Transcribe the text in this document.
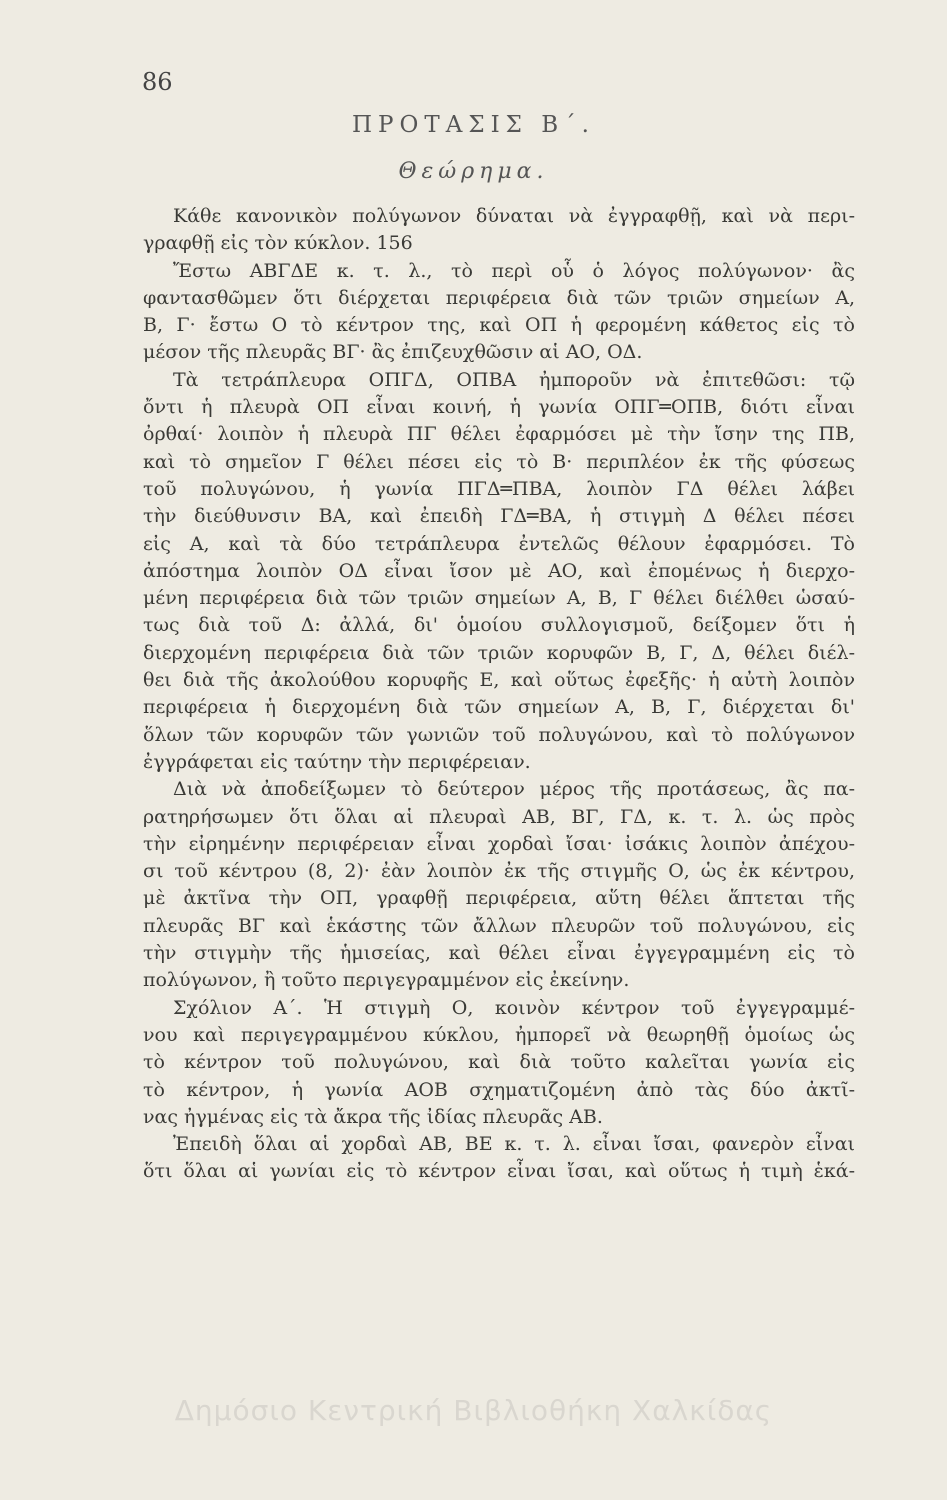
86
ΠΡΟΤΑΣΙΣ Β΄.
Θεώρημα.
Κάθε κανονικὸν πολύγωνον δύναται νὰ ἐγγραφθῇ, καὶ νὰ περι-
γραφθῇ εἰς τὸν κύκλον. 156
Ἔστω ΑΒΓΔΕ κ. τ. λ., τὸ περὶ οὗ ὁ λόγος πολύγωνον· ἂς
φαντασθῶμεν ὅτι διέρχεται περιφέρεια διὰ τῶν τριῶν σημείων Α,
Β, Γ· ἔστω Ο τὸ κέντρον της, καὶ ΟΠ ἡ φερομένη κάθετος εἰς τὸ
μέσον τῆς πλευρᾶς ΒΓ· ἂς ἐπιζευχθῶσιν αἱ ΑΟ, ΟΔ.
Τὰ τετράπλευρα ΟΠΓΔ, ΟΠΒΑ ἠμποροῦν νὰ ἐπιτεθῶσι: τῷ
ὄντι ἡ πλευρὰ ΟΠ εἶναι κοινή, ἡ γωνία ΟΠΓ═ΟΠΒ, διότι εἶναι
ὀρθαί· λοιπὸν ἡ πλευρὰ ΠΓ θέλει ἐφαρμόσει μὲ τὴν ἴσην της ΠΒ,
καὶ τὸ σημεῖον Γ θέλει πέσει εἰς τὸ Β· περιπλέον ἐκ τῆς φύσεως
τοῦ πολυγώνου, ἡ γωνία ΠΓΔ═ΠΒΑ, λοιπὸν ΓΔ θέλει λάβει
τὴν διεύθυνσιν ΒΑ, καὶ ἐπειδὴ ΓΔ═ΒΑ, ἡ στιγμὴ Δ θέλει πέσει
εἰς Α, καὶ τὰ δύο τετράπλευρα ἐντελῶς θέλουν ἐφαρμόσει. Τὸ
ἀπόστημα λοιπὸν ΟΔ εἶναι ἴσον μὲ ΑΟ, καὶ ἐπομένως ἡ διερχο-
μένη περιφέρεια διὰ τῶν τριῶν σημείων Α, Β, Γ θέλει διέλθει ὡσαύ-
τως διὰ τοῦ Δ: ἀλλά, δι' ὁμοίου συλλογισμοῦ, δείξομεν ὅτι ἡ
διερχομένη περιφέρεια διὰ τῶν τριῶν κορυφῶν Β, Γ, Δ, θέλει διέλ-
θει διὰ τῆς ἀκολούθου κορυφῆς Ε, καὶ οὕτως ἐφεξῆς· ἡ αὐτὴ λοιπὸν
περιφέρεια ἡ διερχομένη διὰ τῶν σημείων Α, Β, Γ, διέρχεται δι'
ὅλων τῶν κορυφῶν τῶν γωνιῶν τοῦ πολυγώνου, καὶ τὸ πολύγωνον
ἐγγράφεται εἰς ταύτην τὴν περιφέρειαν.
Διὰ νὰ ἀποδείξωμεν τὸ δεύτερον μέρος τῆς προτάσεως, ἂς πα-
ρατηρήσωμεν ὅτι ὅλαι αἱ πλευραὶ ΑΒ, ΒΓ, ΓΔ, κ. τ. λ. ὡς πρὸς
τὴν εἰρημένην περιφέρειαν εἶναι χορδαὶ ἴσαι· ἰσάκις λοιπὸν ἀπέχου-
σι τοῦ κέντρου (8, 2)· ἐὰν λοιπὸν ἐκ τῆς στιγμῆς Ο, ὡς ἐκ κέντρου,
μὲ ἀκτῖνα τὴν ΟΠ, γραφθῇ περιφέρεια, αὕτη θέλει ἅπτεται τῆς
πλευρᾶς ΒΓ καὶ ἑκάστης τῶν ἄλλων πλευρῶν τοῦ πολυγώνου, εἰς
τὴν στιγμὴν τῆς ἡμισείας, καὶ θέλει εἶναι ἐγγεγραμμένη εἰς τὸ
πολύγωνον, ἢ τοῦτο περιγεγραμμένον εἰς ἐκείνην.
Σχόλιον Α΄. Ἡ στιγμὴ Ο, κοινὸν κέντρον τοῦ ἐγγεγραμμέ-
νου καὶ περιγεγραμμένου κύκλου, ἠμπορεῖ νὰ θεωρηθῇ ὁμοίως ὡς
τὸ κέντρον τοῦ πολυγώνου, καὶ διὰ τοῦτο καλεῖται γωνία εἰς
τὸ κέντρον, ἡ γωνία ΑΟΒ σχηματιζομένη ἀπὸ τὰς δύο ἀκτῖ-
νας ἠγμένας εἰς τὰ ἄκρα τῆς ἰδίας πλευρᾶς ΑΒ.
Ἐπειδὴ ὅλαι αἱ χορδαὶ ΑΒ, ΒΕ κ. τ. λ. εἶναι ἴσαι, φανερὸν εἶναι
ὅτι ὅλαι αἱ γωνίαι εἰς τὸ κέντρον εἶναι ἴσαι, καὶ οὕτως ἡ τιμὴ ἑκά-
Δημόσιο Κεντρική Βιβλιοθήκη Χαλκίδας
